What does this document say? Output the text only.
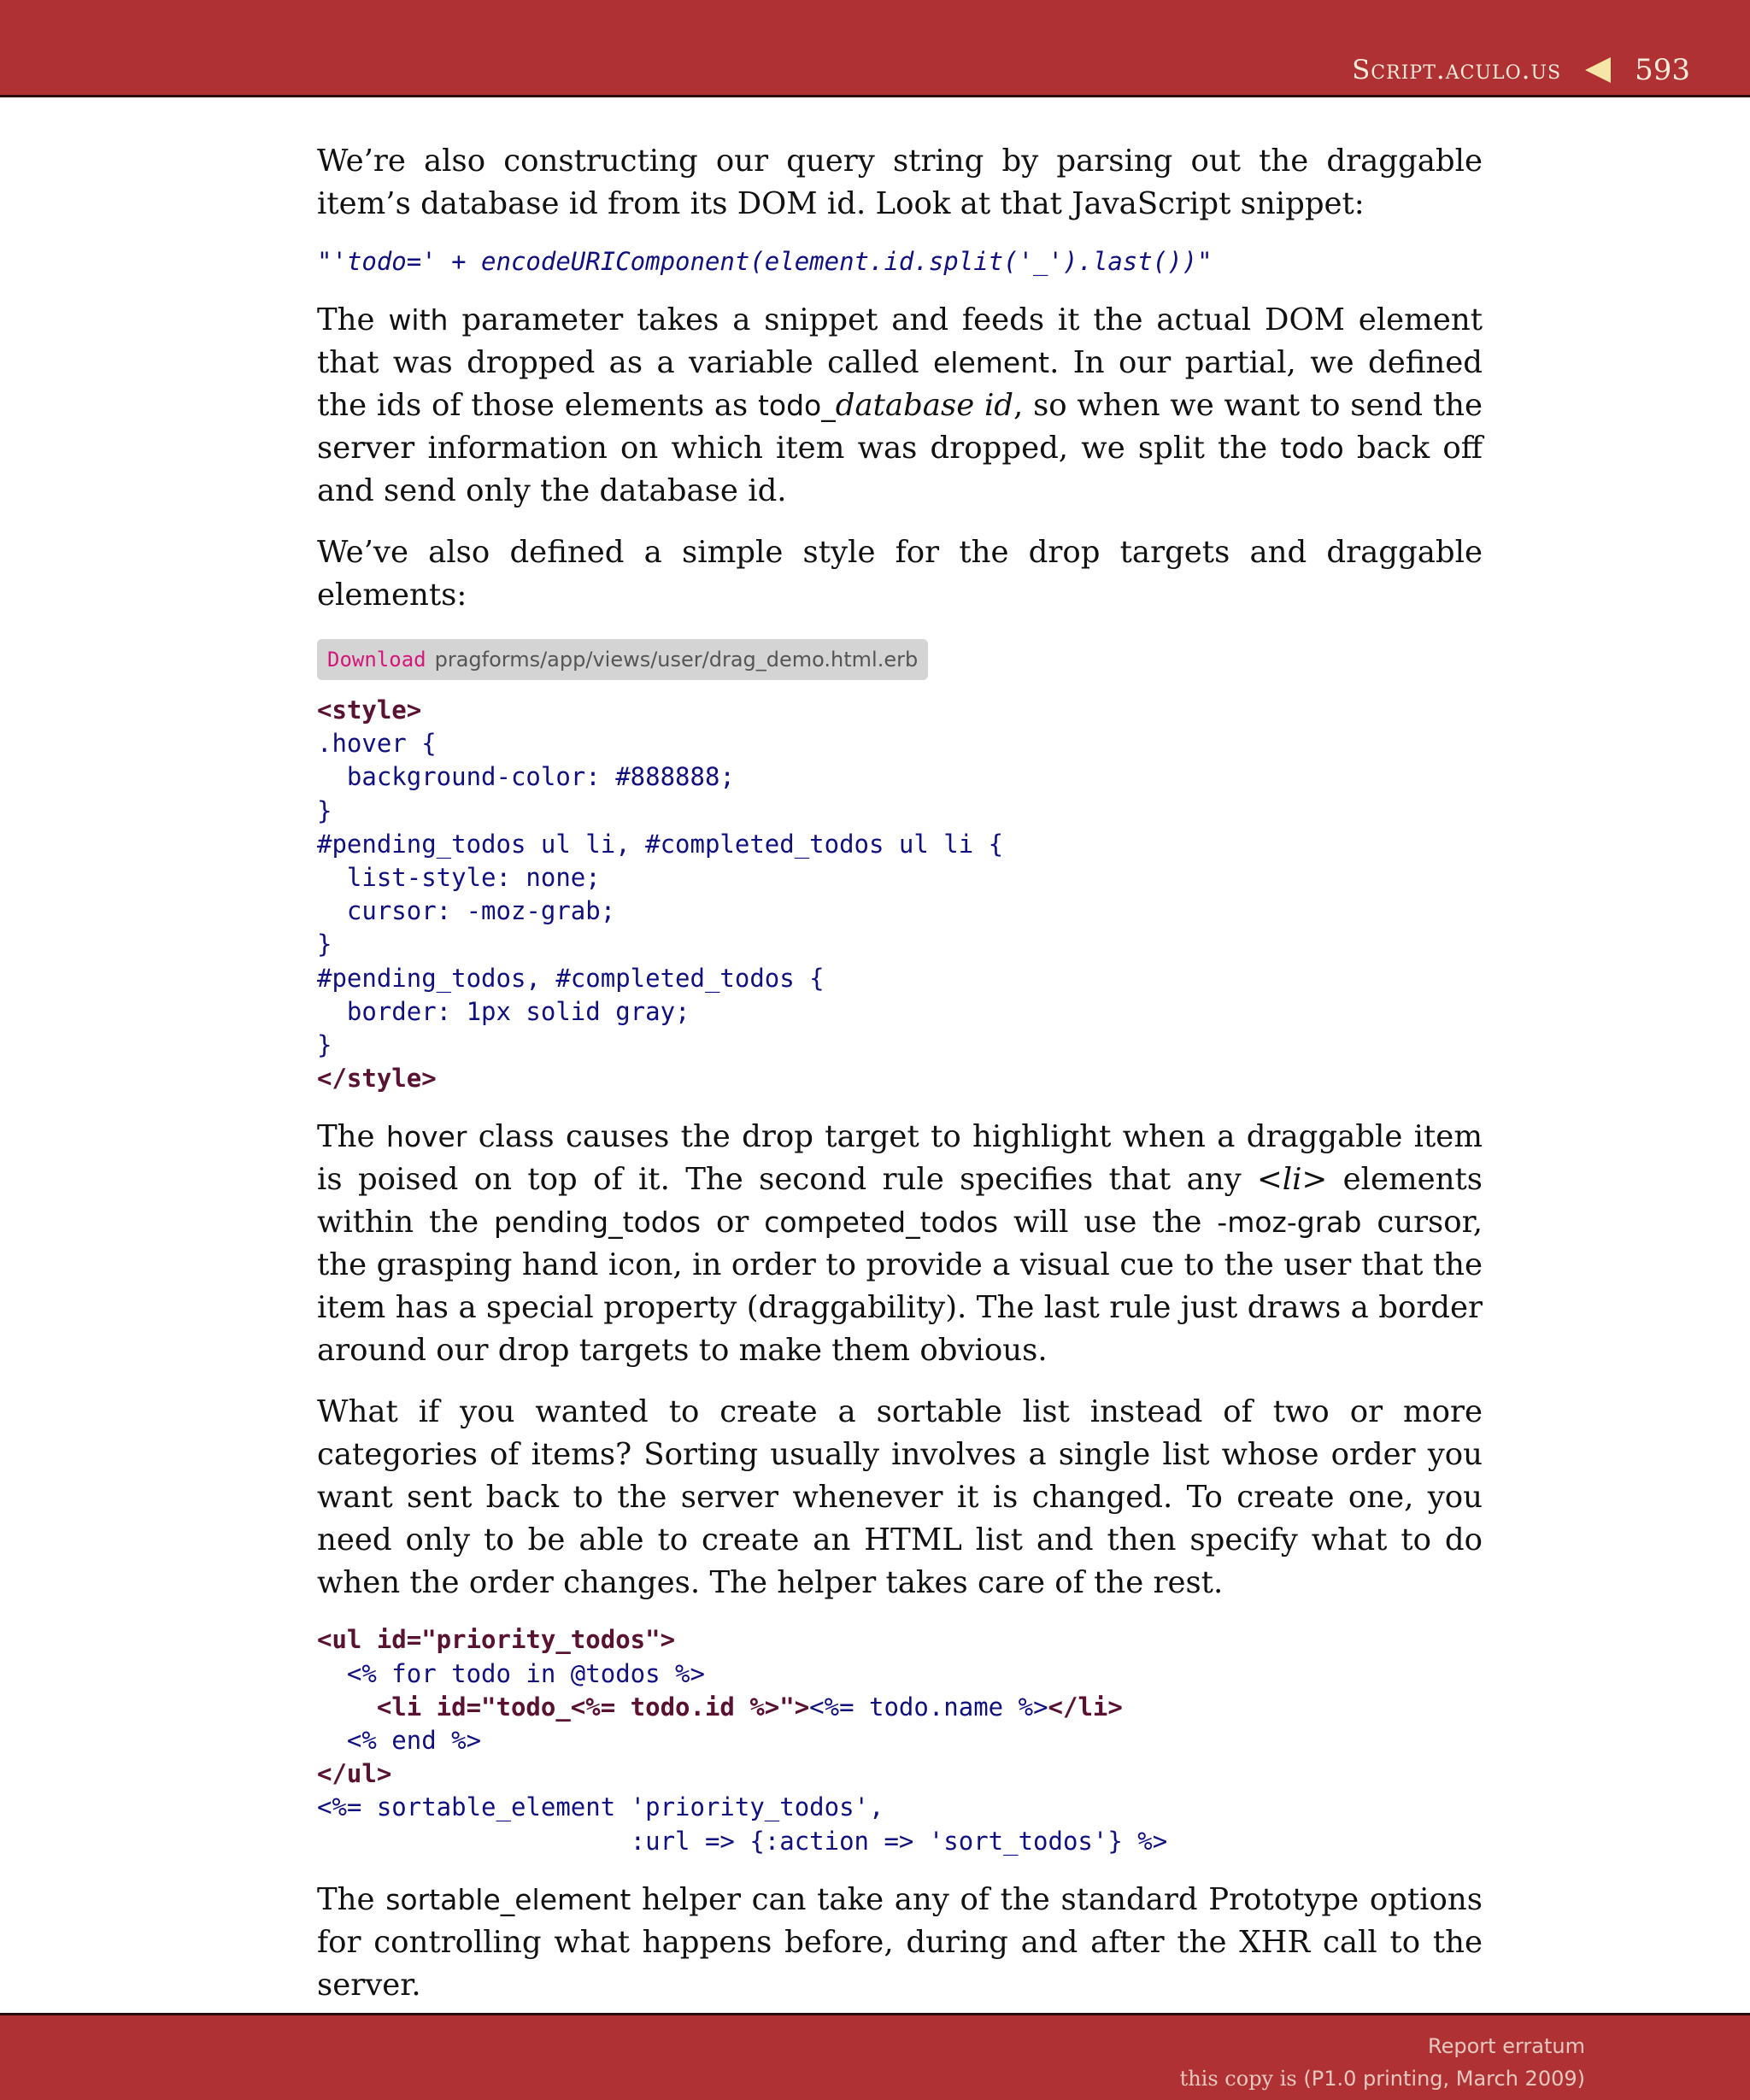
Script.aculo.us	593

We’re also constructing our query string by parsing out the draggable item’s database id from its DOM id. Look at that JavaScript snippet:

"'todo=' + encodeURIComponent(element.id.split('_').last())"

The with parameter takes a snippet and feeds it the actual DOM element that was dropped as a variable called element. In our partial, we defined the ids of those elements as todo_database id, so when we want to send the server information on which item was dropped, we split the todo back off and send only the database id.

We’ve also defined a simple style for the drop targets and draggable elements:

Download pragforms/app/views/user/drag_demo.html.erb
<style>
.hover {
background-color: #888888;
}
#pending_todos ul li, #completed_todos ul li {
list-style: none;
cursor: -moz-grab;
}
#pending_todos, #completed_todos {
border: 1px solid gray;
}
</style>

The hover class causes the drop target to highlight when a draggable item is poised on top of it. The second rule specifies that any <li> elements within the pending_todos or competed_todos will use the -moz-grab cursor, the grasping hand icon, in order to provide a visual cue to the user that the item has a special property (draggability). The last rule just draws a border around our drop targets to make them obvious.

What if you wanted to create a sortable list instead of two or more categories of items? Sorting usually involves a single list whose order you want sent back to the server whenever it is changed. To create one, you need only to be able to create an HTML list and then specify what to do when the order changes. The helper takes care of the rest.

<ul id="priority_todos">
<% for todo in @todos %>
<li id="todo_<%= todo.id %>"><%= todo.name %></li>
<% end %>
</ul>
<%= sortable_element 'priority_todos',
:url => {:action => 'sort_todos'} %>

The sortable_element helper can take any of the standard Prototype options for controlling what happens before, during and after the XHR call to the server.

Report erratum
this copy is (P1.0 printing, March 2009)
